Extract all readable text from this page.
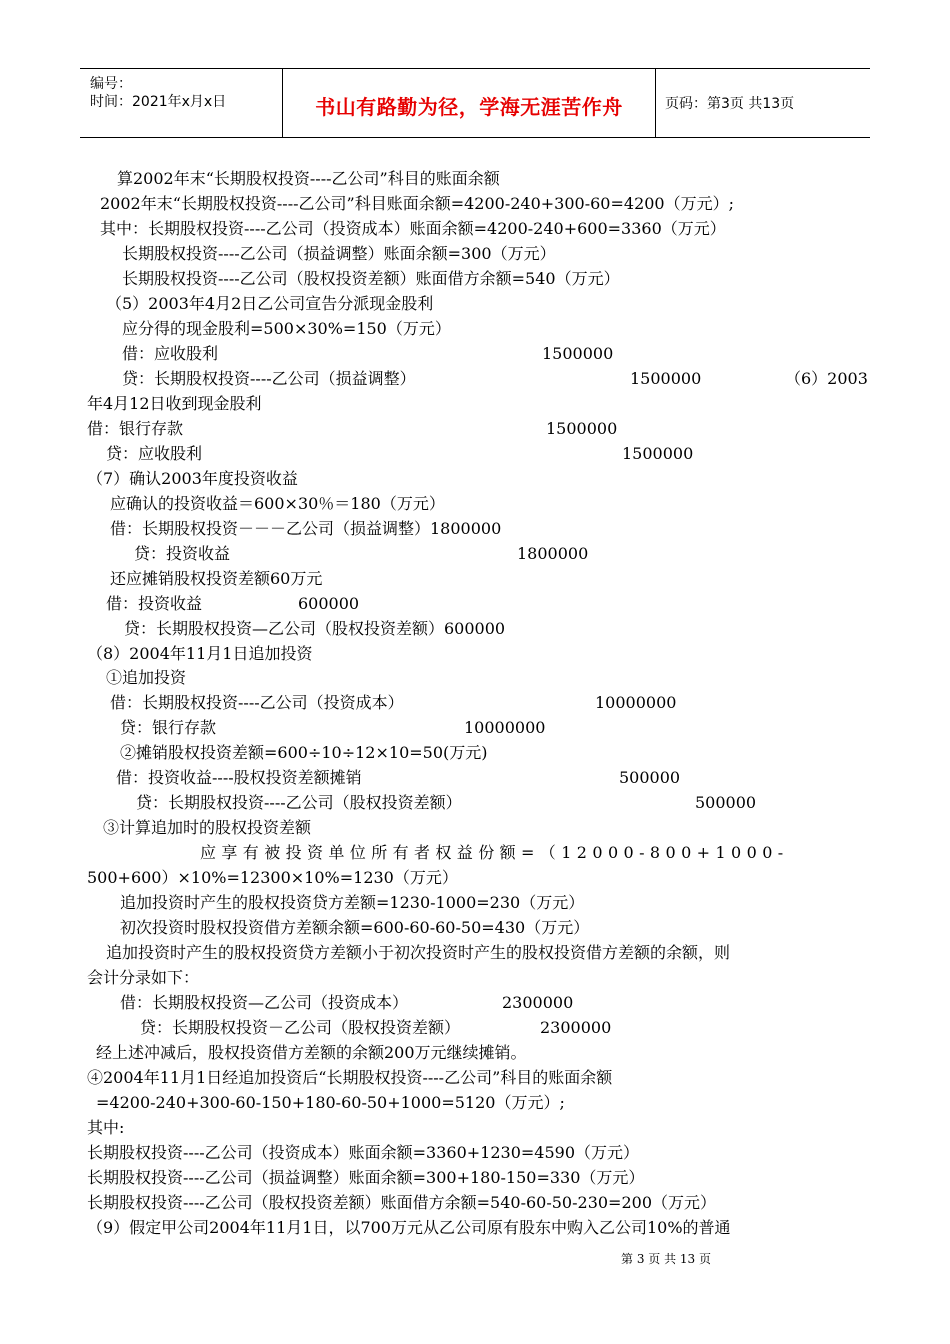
编号：
时间：2021年x月x日	书山有路勤为径，学海无涯苦作舟	页码：第3页 共13页
算2002年末“长期股权投资----乙公司”科目的账面余额
2002年末“长期股权投资----乙公司”科目账面余额=4200-240+300-60=4200（万元）;
其中：长期股权投资----乙公司（投资成本）账面余额=4200-240+600=3360（万元）
长期股权投资----乙公司（损益调整）账面余额=300（万元）
长期股权投资----乙公司（股权投资差额）账面借方余额=540（万元）
（5）2003年4月2日乙公司宣告分派现金股利
应分得的现金股利=500×30%=150（万元）
借：应收股利	1500000
贷：长期股权投资----乙公司（损益调整）	1500000	（6）2003
年4月12日收到现金股利
借：银行存款	1500000
贷：应收股利	1500000
（7）确认2003年度投资收益
应确认的投资收益＝600×30％＝180（万元）
借：长期股权投资－－－乙公司（损益调整）1800000
贷：投资收益	1800000
还应摊销股权投资差额60万元
借：投资收益	600000
贷：长期股权投资—乙公司（股权投资差额）600000
（8）2004年11月1日追加投资
①追加投资
借：长期股权投资----乙公司（投资成本）	10000000
贷：银行存款	10000000
②摊销股权投资差额=600÷10÷12×10=50(万元)
借：投资收益----股权投资差额摊销	500000
贷：长期股权投资----乙公司（股权投资差额）	500000
③计算追加时的股权投资差额
应享有被投资单位所有者权益份额=（12000-800+1000-
500+600）×10%=12300×10%=1230（万元）
追加投资时产生的股权投资贷方差额=1230-1000=230（万元）
初次投资时股权投资借方差额余额=600-60-60-50=430（万元）
追加投资时产生的股权投资贷方差额小于初次投资时产生的股权投资借方差额的余额，则
会计分录如下：
借：长期股权投资—乙公司（投资成本）	2300000
贷：长期股权投资－乙公司（股权投资差额）	2300000
经上述冲减后，股权投资借方差额的余额200万元继续摊销。
④2004年11月1日经追加投资后“长期股权投资----乙公司”科目的账面余额
=4200-240+300-60-150+180-60-50+1000=5120（万元）;
其中:
长期股权投资----乙公司（投资成本）账面余额=3360+1230=4590（万元）
长期股权投资----乙公司（损益调整）账面余额=300+180-150=330（万元）
长期股权投资----乙公司（股权投资差额）账面借方余额=540-60-50-230=200（万元）
（9）假定甲公司2004年11月1日，以700万元从乙公司原有股东中购入乙公司10%的普通
第 3 页 共 13 页
